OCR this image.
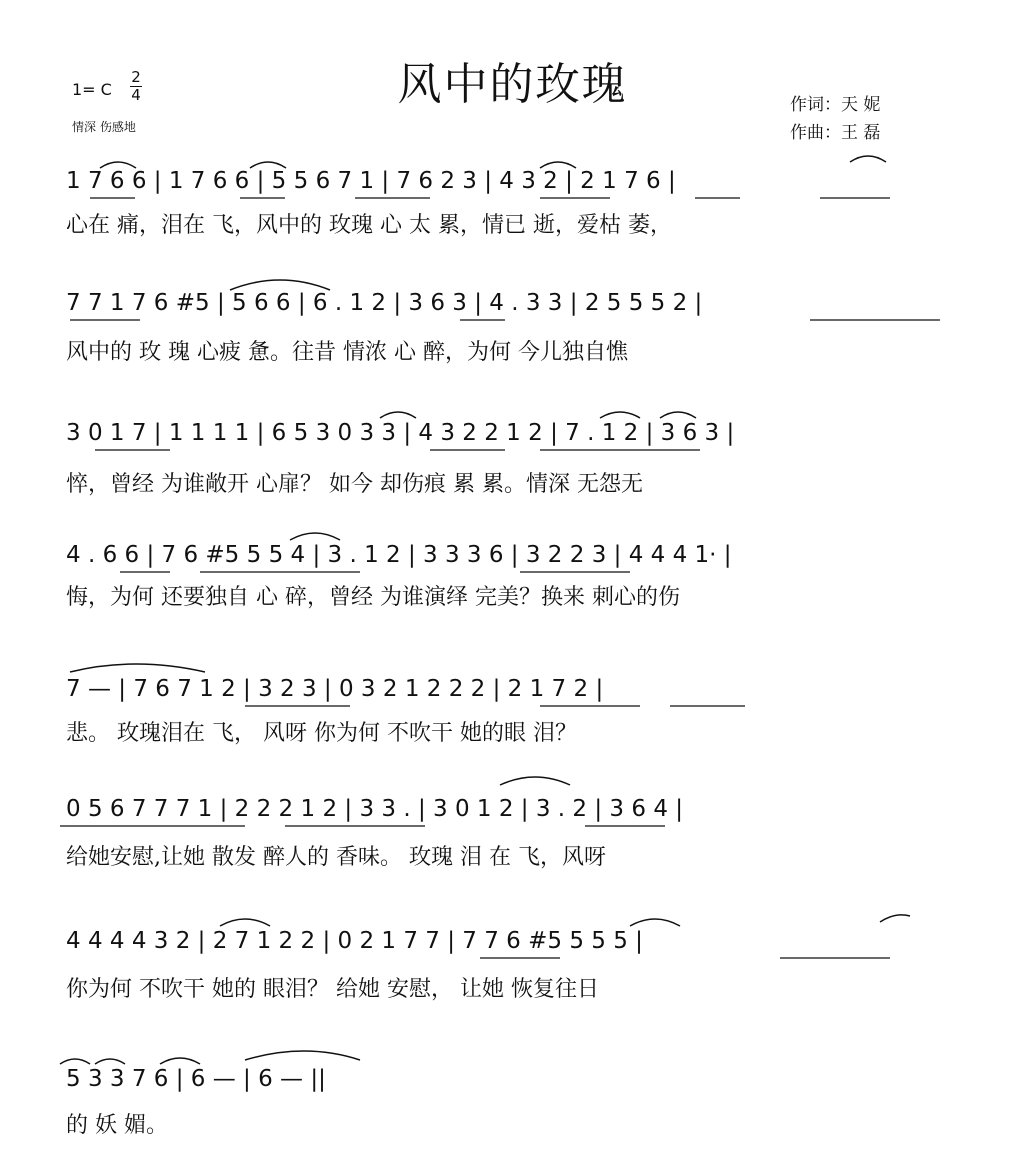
风中的玫瑰
1= C
2
4
情深 伤感地
作词：天 妮
作曲：王 磊
1 7 6 6 | 1 7 6 6 | 5 5 6 7 1 | 7 6 2 3 | 4 3 2 | 2 1 7 6 |
心在 痛，泪在 飞，风中的 玫瑰 心 太 累，情已 逝，爱枯 萎，
7 7 1 7 6 #5 | 5 6 6 | 6 . 1 2 | 3 6 3 | 4 . 3 3 | 2 5 5 5 2 |
风中的 玫 瑰 心疲 惫。往昔 情浓 心 醉，为何 今儿独自憔
3 0 1 7 | 1 1 1 1 | 6 5 3 0 3 3 | 4 3 2 2 1 2 | 7 . 1 2 | 3 6 3 |
悴，曾经 为谁敞开 心扉？ 如今 却伤痕 累 累。情深 无怨无
4 . 6 6 | 7 6 #5 5 5 4 | 3 . 1 2 | 3 3 3 6 | 3 2 2 3 | 4 4 4 1· |
悔，为何 还要独自 心 碎，曾经 为谁演绎 完美？换来 刺心的伤
7 — | 7 6 7 1 2 | 3 2 3 | 0 3 2 1 2 2 2 | 2 1 7 2 |
悲。 玫瑰泪在 飞， 风呀 你为何 不吹干 她的眼 泪？
0 5 6 7 7 7 1 | 2 2 2 1 2 | 3 3 . | 3 0 1 2 | 3 . 2 | 3 6 4 |
给她安慰,让她 散发 醉人的 香味。 玫瑰 泪 在 飞，风呀
4 4 4 4 3 2 | 2 7 1 2 2 | 0 2 1 7 7 | 7 7 6 #5 5 5 5 |
你为何 不吹干 她的 眼泪？ 给她 安慰， 让她 恢复往日
5 3 3 7 6 | 6 — | 6 — ||
的 妖 媚。
